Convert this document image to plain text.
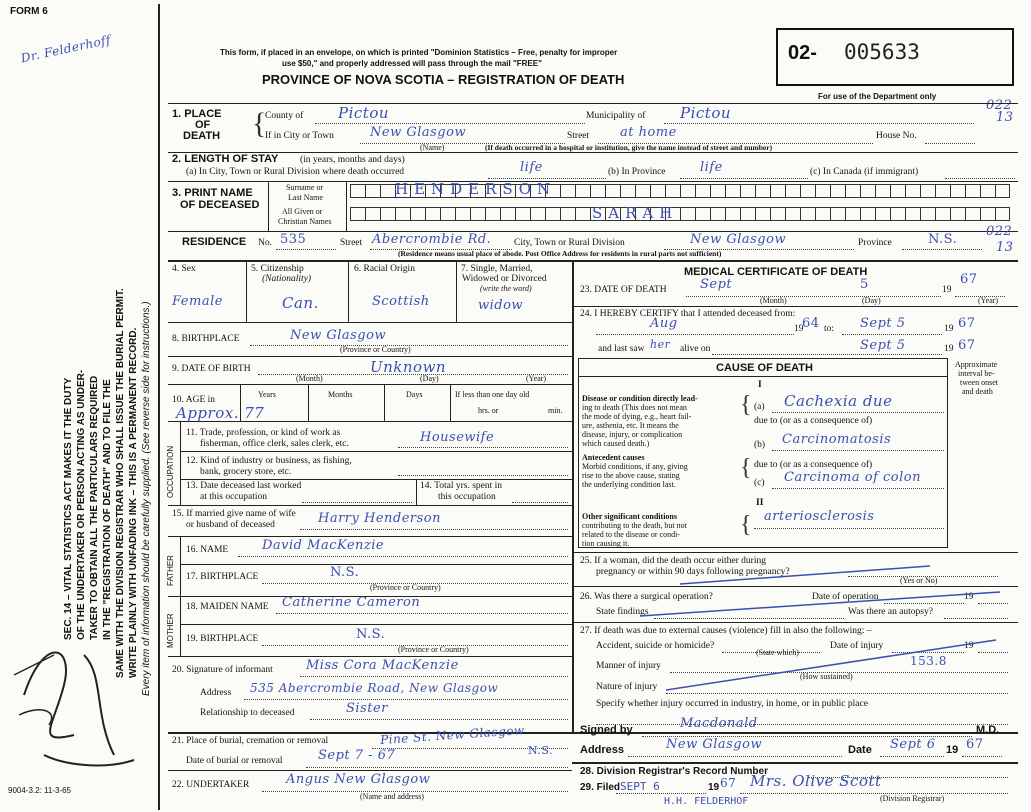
FORM 6
Dr. Felderhoff
SEC. 14 – VITAL STATISTICS ACT MAKES IT THE DUTY OF THE UNDERTAKER OR PERSON ACTING AS UNDER- TAKER TO OBTAIN ALL THE PARTICULARS REQUIRED IN THE "REGISTRATION OF DEATH" AND TO FILE THE SAME WITH THE DIVISION REGISTRAR WHO SHALL ISSUE THE BURIAL PERMIT. WRITE PLAINLY WITH UNFADING INK – THIS IS A PERMANENT RECORD. Every item of information should be carefully supplied. (See reverse side for instructions.)
9004-3.2: 11-3-65
This form, if placed in an envelope, on which is printed "Dominion Statistics – Free, penalty for improper
use $50," and properly addressed will pass through the mail "FREE"
PROVINCE OF NOVA SCOTIA – REGISTRATION OF DEATH
02- 005633
For use of the Department only
022
13
1. PLACE
OF
DEATH {
County of Pictou	Municipality of Pictou
If in City or Town	New Glasgow
(Name)
Street at home	House No.
(If death occurred in a hospital or institution, give the name instead of street and number)
2. LENGTH OF STAY (in years, months and days)
(a) In City, Town or Rural Division where death occurred	life	(b) In Province	life	(c) In Canada (if immigrant)
3. PRINT NAME
OF DECEASED
Surname or
Last Name
All Given or
Christian Names
HENDERSON
SARAH
RESIDENCE No. 535	Street Abercrombie Rd. City, Town or Rural Division	New Glasgow	Province	N.S.
022
13
(Residence means usual place of abode. Post Office Address for residents in rural parts not sufficient)
4. Sex
Female
5. Citizenship
(Nationality)
Can.
6. Racial Origin
Scottish
7. Single, Married,
Widowed or Divorced
(write the word)
widow
8. BIRTHPLACE	New Glasgow
(Province or Country)
9. DATE OF BIRTH	Unknown
(Month)	(Day)	(Year)
10. AGE in
Years	Months	Days
Approx. 77
If less than one day old
hrs. or	min.
OCCUPATION
11. Trade, profession, or kind of work as
fisherman, office clerk, sales clerk, etc.	Housewife
12. Kind of industry or business, as fishing,
bank, grocery store, etc.
13. Date deceased last worked
at this occupation
14. Total yrs. spent in
this occupation
15. If married give name of wife
or husband of deceased	Harry Henderson
FATHER
16. NAME	David MacKenzie
17. BIRTHPLACE	N.S.
(Province or Country)
MOTHER
18. MAIDEN NAME Catherine Cameron
19. BIRTHPLACE	N.S.
(Province or Country)
20. Signature of informant	Miss Cora MacKenzie
Address 535 Abercrombie Road, New Glasgow
Relationship to deceased	Sister
21. Place of burial, cremation or removal	Pine St. New Glasgow
N.S.
Date of burial or removal	Sept 7 - 67
22. UNDERTAKER	Angus New Glasgow
(Name and address)
MEDICAL CERTIFICATE OF DEATH
23. DATE OF DEATH	Sept	5	19
67
(Month)	(Day)	(Year)
24. I HEREBY CERTIFY that I attended deceased from:
Aug	19
64 to: Sept 5	19 67
and last saw her alive on	Sept 5	19 67
CAUSE OF DEATH	Approximate
interval be-
tween onset
and death
I
Disease or condition directly lead-
ing to death (This does not mean
the mode of dying, e.g., heart fail-
ure, asthenia, etc. It means the
disease, injury, or complication
which caused death.)
{ (a) Cachexia due
due to (or as a consequence of)
(b) Carcinomatosis
Antecedent causes
Morbid conditions, if any, giving
rise to the above cause, stating
the underlying condition last.
{ due to (or as a consequence of)
(c) Carcinoma of colon
II
Other significant conditions
contributing to the death, but not
related to the disease or condi-
tion causing it.
{ arteriosclerosis
25. If a woman, did the death occur either during
pregnancy or within 90 days following pregnancy?
(Yes or No)
26. Was there a surgical operation?	Date of operation	19
State findings	Was there an autopsy?
27. If death was due to external causes (violence) fill in also the following: –
Accident, suicide or homicide?
(State which)
Date of injury	19
Manner of injury	153.8
(How sustained)
Nature of injury
Specify whether injury occurred in industry, in home, or in public place
Signed by	Macdonald	M.D.
Address	New Glasgow	Date Sept 6 19 67
28. Division Registrar's Record Number
29. Filed SEPT 6	19 67 Mrs. Olive Scott
(Division Registrar)
H.H. FELDERHOF
